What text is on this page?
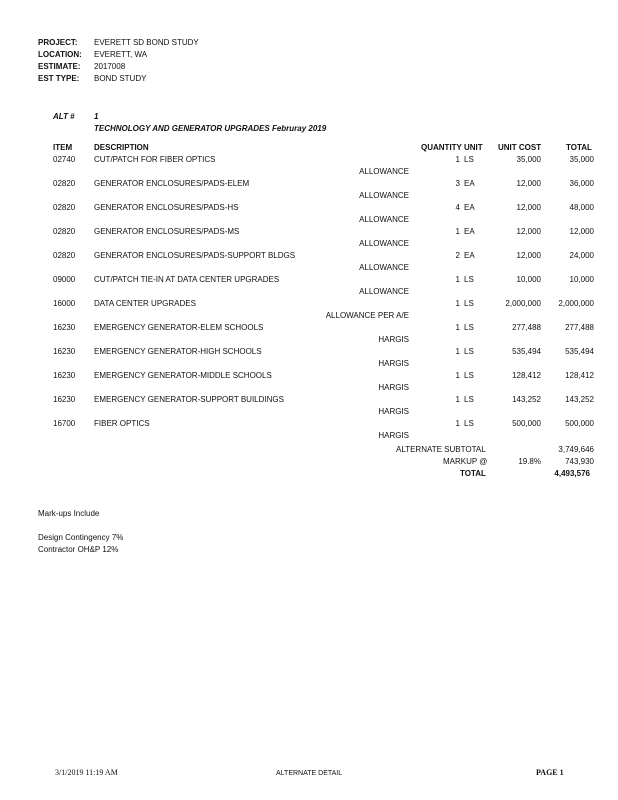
PROJECT: EVERETT SD BOND STUDY
LOCATION: EVERETT, WA
ESTIMATE: 2017008
EST TYPE: BOND STUDY
ALT # 1
TECHNOLOGY AND GENERATOR UPGRADES Februray 2019
ITEM	DESCRIPTION	QUANTITY UNIT UNIT COST	TOTAL
02740 CUT/PATCH FOR FIBER OPTICS	1 LS	35,000	35,000
ALLOWANCE
02820 GENERATOR ENCLOSURES/PADS-ELEM	3 EA	12,000	36,000
ALLOWANCE
02820 GENERATOR ENCLOSURES/PADS-HS	4 EA	12,000	48,000
ALLOWANCE
02820 GENERATOR ENCLOSURES/PADS-MS	1 EA	12,000	12,000
ALLOWANCE
02820 GENERATOR ENCLOSURES/PADS-SUPPORT BLDGS	2 EA	12,000	24,000
ALLOWANCE
09000 CUT/PATCH TIE-IN AT DATA CENTER UPGRADES	1 LS	10,000	10,000
ALLOWANCE
16000 DATA CENTER UPGRADES	1 LS	2,000,000	2,000,000
ALLOWANCE PER A/E
16230 EMERGENCY GENERATOR-ELEM SCHOOLS	1 LS	277,488	277,488
HARGIS
16230 EMERGENCY GENERATOR-HIGH SCHOOLS	1 LS	535,494	535,494
HARGIS
16230 EMERGENCY GENERATOR-MIDDLE SCHOOLS	1 LS	128,412	128,412
HARGIS
16230 EMERGENCY GENERATOR-SUPPORT BUILDINGS	1 LS	143,252	143,252
HARGIS
16700 FIBER OPTICS	1 LS	500,000	500,000
HARGIS
ALTERNATE SUBTOTAL	3,749,646
MARKUP @	19.8%	743,930
TOTAL	4,493,576
Mark-ups Include
Design Contingency 7%
Contractor OH&P 12%
3/1/2019 11:19 AM	ALTERNATE DETAIL	PAGE 1
